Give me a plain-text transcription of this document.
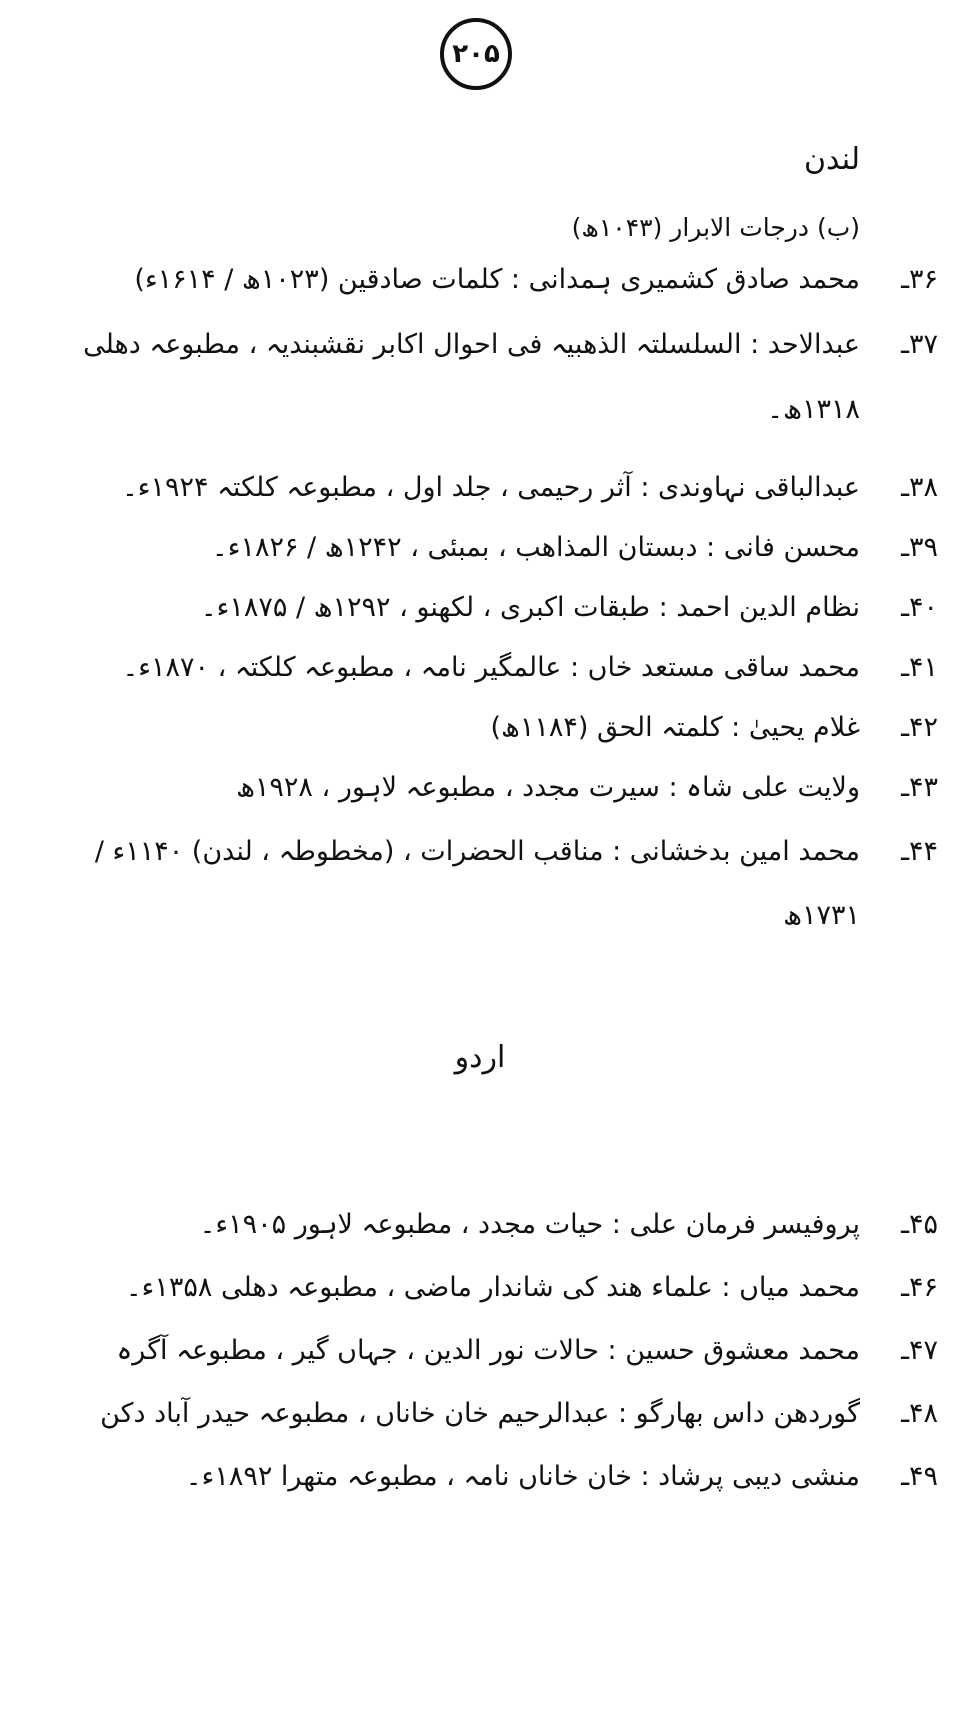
۲۰۵
لندن
(ب) درجات الابرار (۱۰۴۳ھ)
۳۶ـ
محمد صادق کشمیری ہمدانی : کلمات صادقین (۱۰۲۳ھ / ۱۶۱۴ء)
۳۷ـ
عبدالاحد : السلسلتہ الذھبیہ فی احوال اکابر نقشبندیہ ، مطبوعہ دھلی
۱۳۱۸ھ۔
۳۸ـ
عبدالباقی نہاوندی : آثر رحیمی ، جلد اول ، مطبوعہ کلکتہ ۱۹۲۴ء۔
۳۹ـ
محسن فانی : دبستان المذاھب ، بمبئی ، ۱۲۴۲ھ / ۱۸۲۶ء۔
۴۰ـ
نظام الدین احمد : طبقات اکبری ، لکھنو ، ۱۲۹۲ھ / ۱۸۷۵ء۔
۴۱ـ
محمد ساقی مستعد خاں : عالمگیر نامہ ، مطبوعہ کلکتہ ، ۱۸۷۰ء۔
۴۲ـ
غلام یحییٰ : کلمتہ الحق (۱۱۸۴ھ)
۴۳ـ
ولایت علی شاہ : سیرت مجدد ، مطبوعہ لاہور ، ۱۹۲۸ھ
۴۴ـ
محمد امین بدخشانی : مناقب الحضرات ، (مخطوطہ ، لندن) ۱۱۴۰ء /
۱۷۳۱ھ
اردو
۴۵ـ
پروفیسر فرمان علی : حیات مجدد ، مطبوعہ لاہور ۱۹۰۵ء۔
۴۶ـ
محمد میاں : علماء ھند کی شاندار ماضی ، مطبوعہ دھلی ۱۳۵۸ء۔
۴۷ـ
محمد معشوق حسین : حالات نور الدین ، جہاں گیر ، مطبوعہ آگرہ
۴۸ـ
گوردھن داس بھارگو : عبدالرحیم خان خاناں ، مطبوعہ حیدر آباد دکن
۴۹ـ
منشی دیبی پرشاد : خان خاناں نامہ ، مطبوعہ متھرا ۱۸۹۲ء۔
